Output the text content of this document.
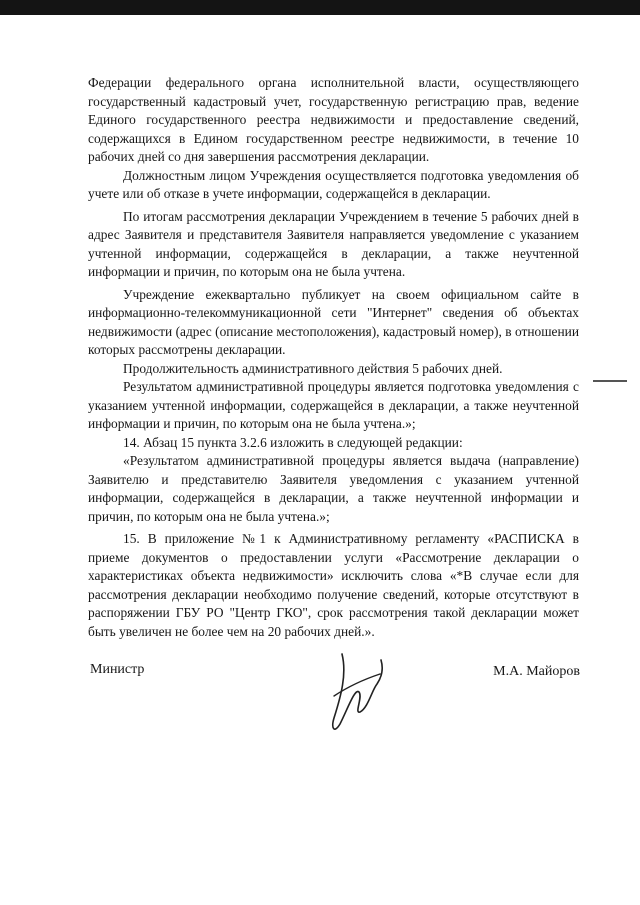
Федерации федерального органа исполнительной власти, осуществляющего государственный кадастровый учет, государственную регистрацию прав, ведение Единого государственного реестра недвижимости и предоставление сведений, содержащихся в Едином государственном реестре недвижимости, в течение 10 рабочих дней со дня завершения рассмотрения декларации.

Должностным лицом Учреждения осуществляется подготовка уведомления об учете или об отказе в учете информации, содержащейся в декларации.

По итогам рассмотрения декларации Учреждением в течение 5 рабочих дней в адрес Заявителя и представителя Заявителя направляется уведомление с указанием учтенной информации, содержащейся в декларации, а также неучтенной информации и причин, по которым она не была учтена.

Учреждение ежеквартально публикует на своем официальном сайте в информационно-телекоммуникационной сети "Интернет" сведения об объектах недвижимости (адрес (описание местоположения), кадастровый номер), в отношении которых рассмотрены декларации.

Продолжительность административного действия 5 рабочих дней.

Результатом административной процедуры является подготовка уведомления с указанием учтенной информации, содержащейся в декларации, а также неучтенной информации и причин, по которым она не была учтена.»;

14. Абзац 15 пункта 3.2.6 изложить в следующей редакции:

«Результатом административной процедуры является выдача (направление) Заявителю и представителю Заявителя уведомления с указанием учтенной информации, содержащейся в декларации, а также неучтенной информации и причин, по которым она не была учтена.»;

15. В приложение №1 к Административному регламенту «РАСПИСКА в приеме документов о предоставлении услуги «Рассмотрение декларации о характеристиках объекта недвижимости» исключить слова «*В случае если для рассмотрения декларации необходимо получение сведений, которые отсутствуют в распоряжении ГБУ РО "Центр ГКО", срок рассмотрения такой декларации может быть увеличен не более чем на 20 рабочих дней.».

Министр	М.А. Майоров
